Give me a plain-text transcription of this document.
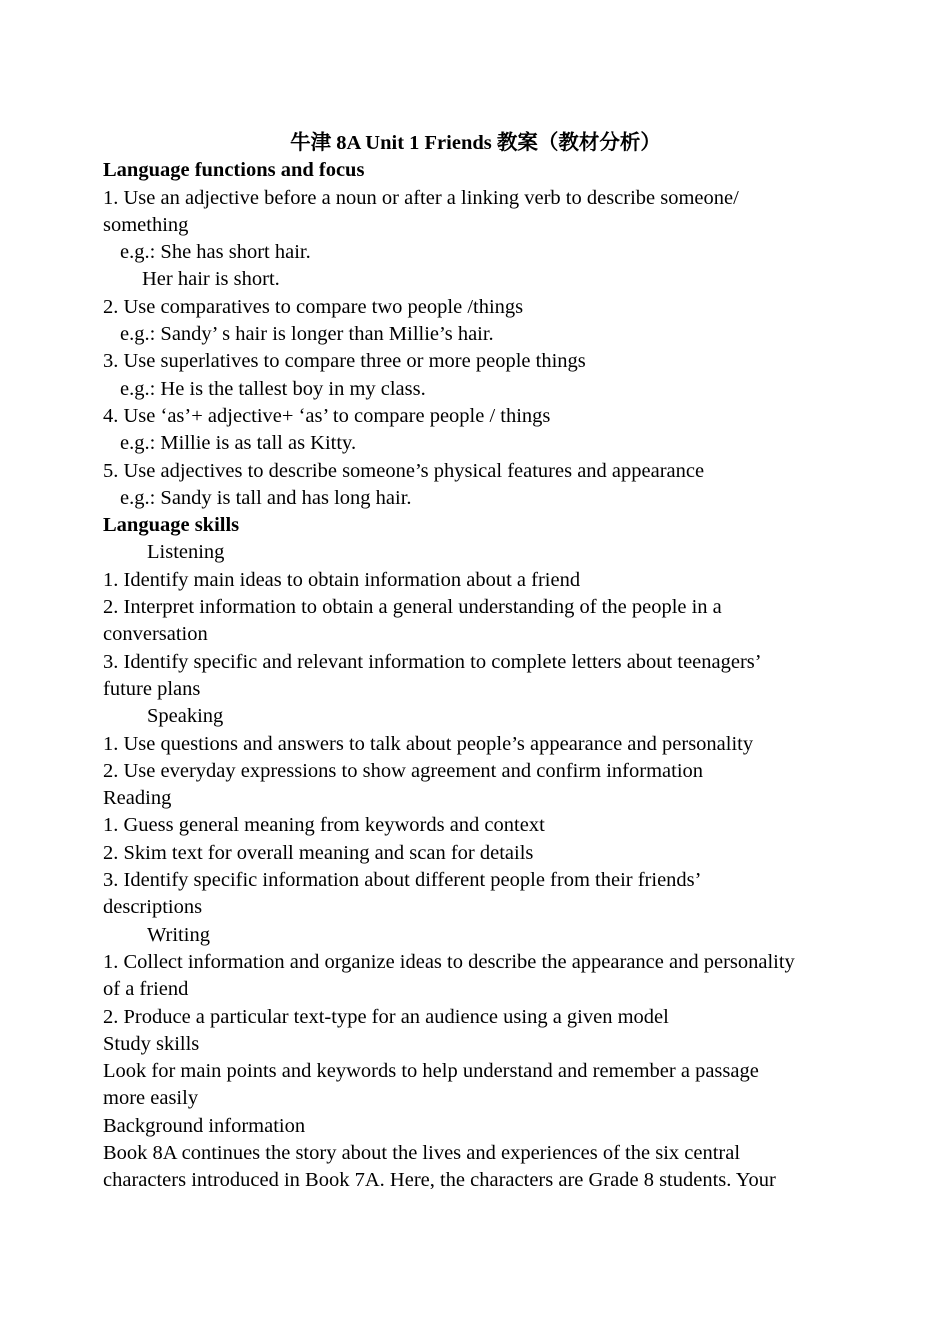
牛津 8A Unit 1 Friends 教案（教材分析）
Language functions and focus
1. Use an adjective before a noun or after a linking verb to describe someone/
something
e.g.: She has short hair.
Her hair is short.
2. Use comparatives to compare two people /things
e.g.: Sandy’ s hair is longer than Millie’s hair.
3. Use superlatives to compare three or more people things
e.g.: He is the tallest boy in my class.
4. Use ‘as’+ adjective+ ‘as’ to compare people / things
e.g.: Millie is as tall as Kitty.
5. Use adjectives to describe someone’s physical features and appearance
e.g.: Sandy is tall and has long hair.
Language skills
Listening
1. Identify main ideas to obtain information about a friend
2. Interpret information to obtain a general understanding of the people in a
conversation
3. Identify specific and relevant information to complete letters about teenagers’
future plans
Speaking
1. Use questions and answers to talk about people’s appearance and personality
2. Use everyday expressions to show agreement and confirm information
Reading
1. Guess general meaning from keywords and context
2. Skim text for overall meaning and scan for details
3. Identify specific information about different people from their friends’
descriptions
Writing
1. Collect information and organize ideas to describe the appearance and personality
of a friend
2. Produce a particular text-type for an audience using a given model
Study skills
Look for main points and keywords to help understand and remember a passage
more easily
Background information
Book 8A continues the story about the lives and experiences of the six central
characters introduced in Book 7A. Here, the characters are Grade 8 students. Your
